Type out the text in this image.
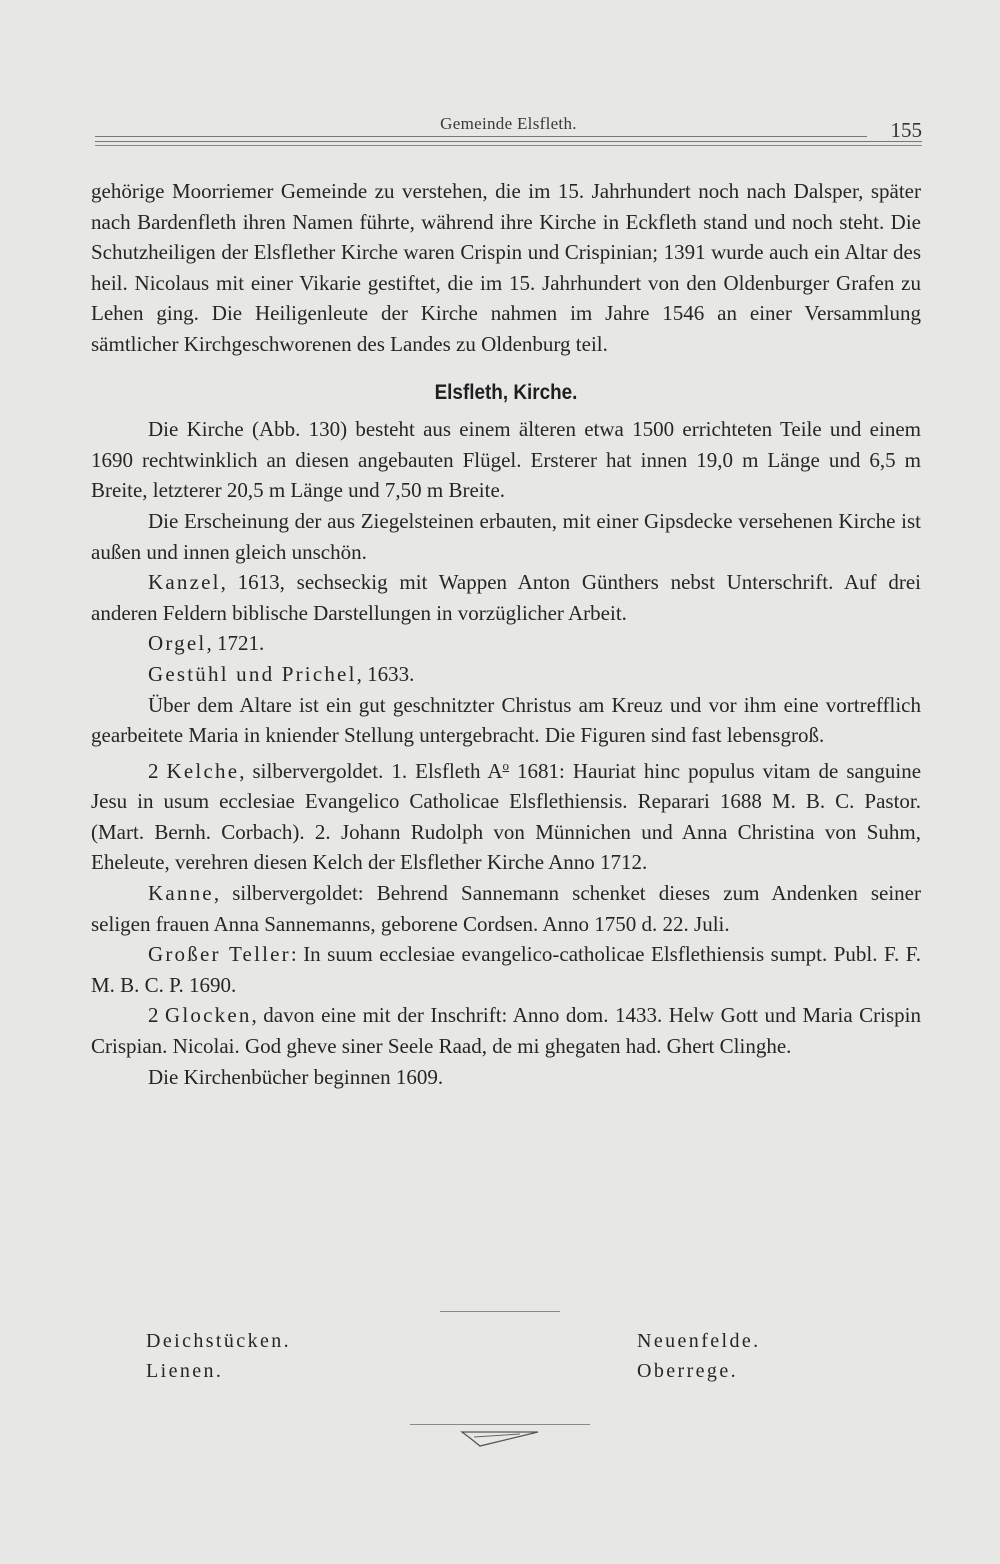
Gemeinde Elsfleth.	155

gehörige Moorriemer Gemeinde zu verstehen, die im 15. Jahrhundert noch nach Dalsper, später nach Bardenfleth ihren Namen führte, während ihre Kirche in Eckfleth stand und noch steht. Die Schutzheiligen der Elsflether Kirche waren Crispin und Crispinian; 1391 wurde auch ein Altar des heil. Nicolaus mit einer Vikarie gestiftet, die im 15. Jahrhundert von den Oldenburger Grafen zu Lehen ging. Die Heiligenleute der Kirche nahmen im Jahre 1546 an einer Versammlung sämtlicher Kirchgeschworenen des Landes zu Oldenburg teil.

Elsfleth, Kirche.

Die Kirche (Abb. 130) besteht aus einem älteren etwa 1500 errichteten Teile und einem 1690 rechtwinklich an diesen angebauten Flügel. Ersterer hat innen 19,0 m Länge und 6,5 m Breite, letzterer 20,5 m Länge und 7,50 m Breite.

Die Erscheinung der aus Ziegelsteinen erbauten, mit einer Gipsdecke versehenen Kirche ist außen und innen gleich unschön.

Kanzel, 1613, sechseckig mit Wappen Anton Günthers nebst Unterschrift. Auf drei anderen Feldern biblische Darstellungen in vorzüglicher Arbeit.

Orgel, 1721.

Gestühl und Prichel, 1633.

Über dem Altare ist ein gut geschnitzter Christus am Kreuz und vor ihm eine vortrefflich gearbeitete Maria in kniender Stellung untergebracht. Die Figuren sind fast lebensgroß.

2 Kelche, silbervergoldet. 1. Elsfleth $A^o$ 1681: Hauriat hinc populus vitam de sanguine Jesu in usum ecclesiae Evangelico Catholicae Elsflethiensis. Reparari 1688 M. B. C. Pastor. (Mart. Bernh. Corbach). 2. Johann Rudolph von Münnichen und Anna Christina von Suhm, Eheleute, verehren diesen Kelch der Elsflether Kirche Anno 1712.

Kanne, silbervergoldet: Behrend Sannemann schenket dieses zum Andenken seiner seligen frauen Anna Sannemanns, geborene Cordsen. Anno 1750 d. 22. Juli.

Großer Teller: In suum ecclesiae evangelico-catholicae Elsflethiensis sumpt. Publ. F. F. M. B. C. P. 1690.

2 Glocken, davon eine mit der Inschrift: Anno dom. 1433. Helw Gott und Maria Crispin Crispian. Nicolai. God gheve siner Seele Raad, de mi ghegaten had. Ghert Clinghe.

Die Kirchenbücher beginnen 1609.

Deichstücken.
Lienen.
Neuenfelde.
Oberrege.
